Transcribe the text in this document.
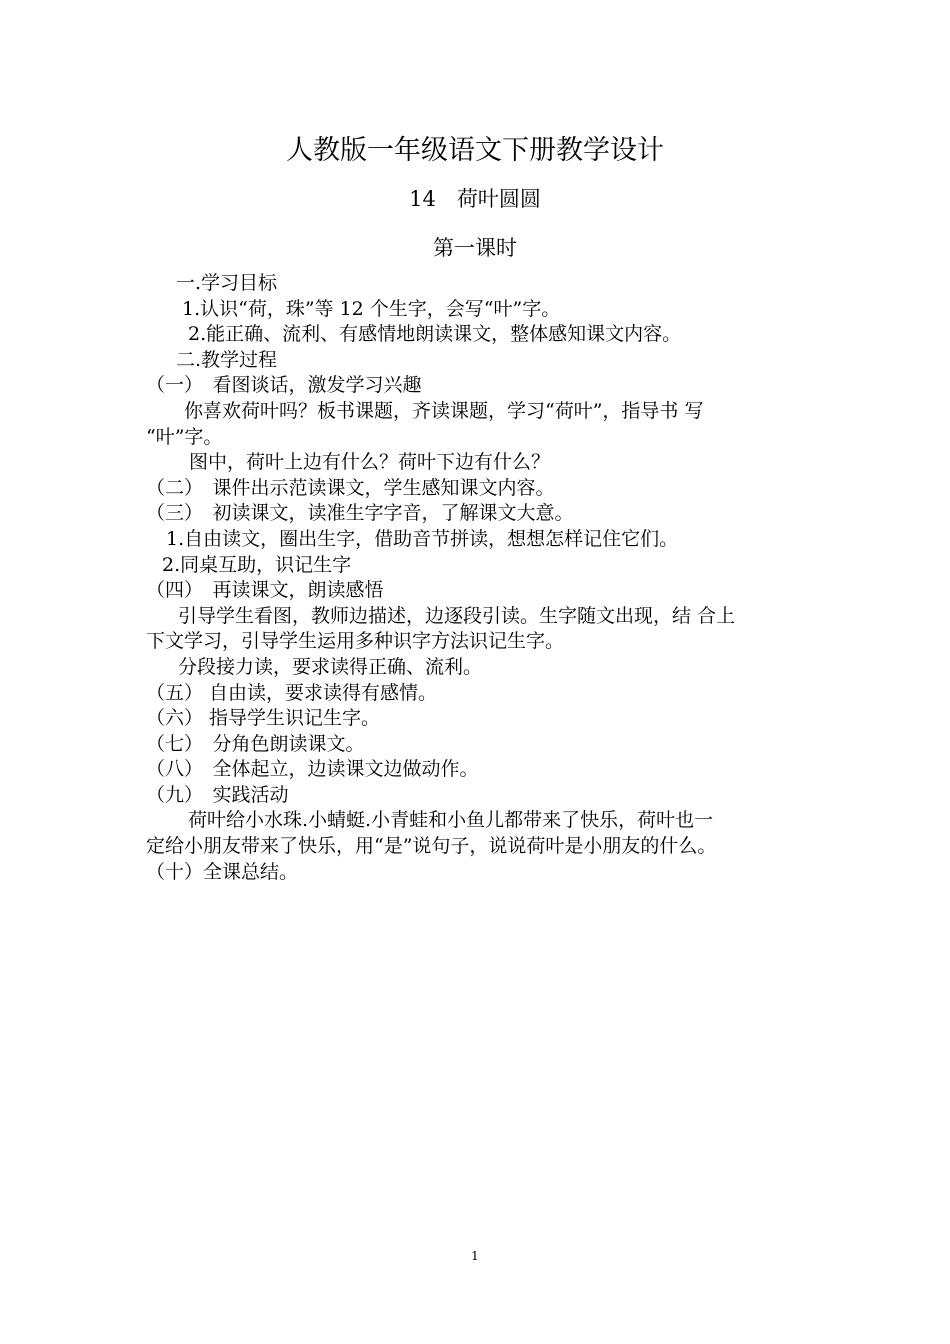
人教版一年级语文下册教学设计
14　荷叶圆圆
第一课时
一.学习目标
1.认识“荷，珠”等 12 个生字，会写“叶”字。
2.能正确、流利、有感情地朗读课文，整体感知课文内容。
二.教学过程
（一）　看图谈话，激发学习兴趣
你喜欢荷叶吗？板书课题，齐读课题，学习“荷叶”，指导书 写
“叶”字。
图中，荷叶上边有什么？荷叶下边有什么？
（二）　课件出示范读课文，学生感知课文内容。
（三）　初读课文，读准生字字音，了解课文大意。
1.自由读文，圈出生字，借助音节拼读，想想怎样记住它们。
2.同桌互助，识记生字
（四）　再读课文，朗读感悟
引导学生看图，教师边描述，边逐段引读。生字随文出现，结 合上
下文学习，引导学生运用多种识字方法识记生字。
分段接力读，要求读得正确、流利。
（五） 自由读，要求读得有感情。
（六） 指导学生识记生字。
（七）　分角色朗读课文。
（八）　全体起立，边读课文边做动作。
（九）　实践活动
荷叶给小水珠.小蜻蜓.小青蛙和小鱼儿都带来了快乐，荷叶也一
定给小朋友带来了快乐，用“是”说句子，说说荷叶是小朋友的什么。
（十）全课总结。
1
